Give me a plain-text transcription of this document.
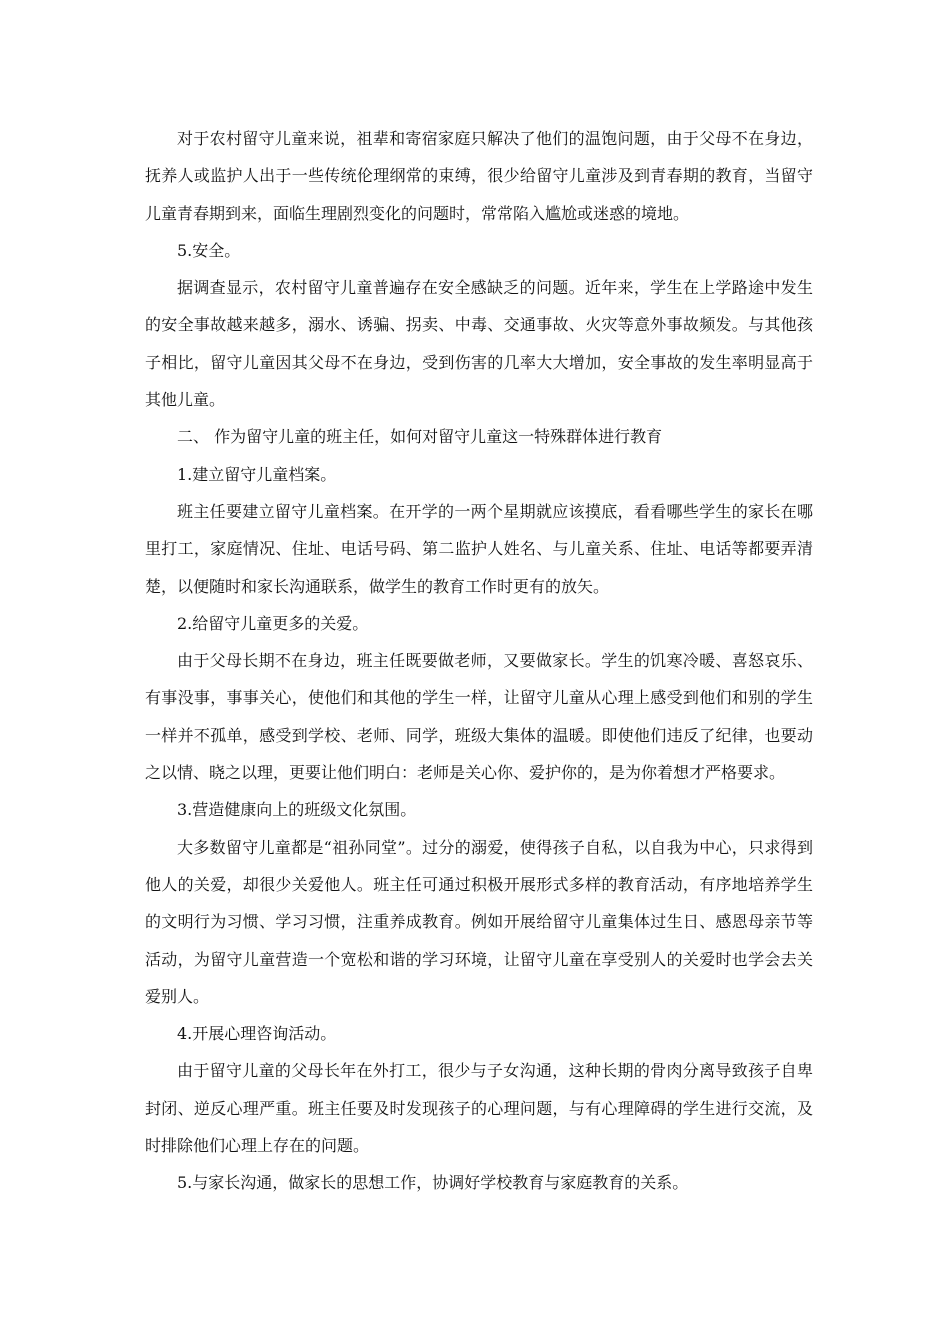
对于农村留守儿童来说，祖辈和寄宿家庭只解决了他们的温饱问题，由于父母不在身边，抚养人或监护人出于一些传统伦理纲常的束缚，很少给留守儿童涉及到青春期的教育，当留守儿童青春期到来，面临生理剧烈变化的问题时，常常陷入尴尬或迷惑的境地。

5.安全。

据调查显示，农村留守儿童普遍存在安全感缺乏的问题。近年来，学生在上学路途中发生的安全事故越来越多，溺水、诱骗、拐卖、中毒、交通事故、火灾等意外事故频发。与其他孩子相比，留守儿童因其父母不在身边，受到伤害的几率大大增加，安全事故的发生率明显高于其他儿童。

二、 作为留守儿童的班主任，如何对留守儿童这一特殊群体进行教育

1.建立留守儿童档案。

班主任要建立留守儿童档案。在开学的一两个星期就应该摸底，看看哪些学生的家长在哪里打工，家庭情况、住址、电话号码、第二监护人姓名、与儿童关系、住址、电话等都要弄清楚，以便随时和家长沟通联系，做学生的教育工作时更有的放矢。

2.给留守儿童更多的关爱。

由于父母长期不在身边，班主任既要做老师，又要做家长。学生的饥寒冷暖、喜怒哀乐、有事没事，事事关心，使他们和其他的学生一样，让留守儿童从心理上感受到他们和别的学生一样并不孤单，感受到学校、老师、同学，班级大集体的温暖。即使他们违反了纪律，也要动之以情、晓之以理，更要让他们明白：老师是关心你、爱护你的，是为你着想才严格要求。

3.营造健康向上的班级文化氛围。

大多数留守儿童都是“祖孙同堂”。过分的溺爱，使得孩子自私，以自我为中心，只求得到他人的关爱，却很少关爱他人。班主任可通过积极开展形式多样的教育活动，有序地培养学生的文明行为习惯、学习习惯，注重养成教育。例如开展给留守儿童集体过生日、感恩母亲节等活动，为留守儿童营造一个宽松和谐的学习环境，让留守儿童在享受别人的关爱时也学会去关爱别人。

4.开展心理咨询活动。

由于留守儿童的父母长年在外打工，很少与子女沟通，这种长期的骨肉分离导致孩子自卑封闭、逆反心理严重。班主任要及时发现孩子的心理问题，与有心理障碍的学生进行交流，及时排除他们心理上存在的问题。

5.与家长沟通，做家长的思想工作，协调好学校教育与家庭教育的关系。
